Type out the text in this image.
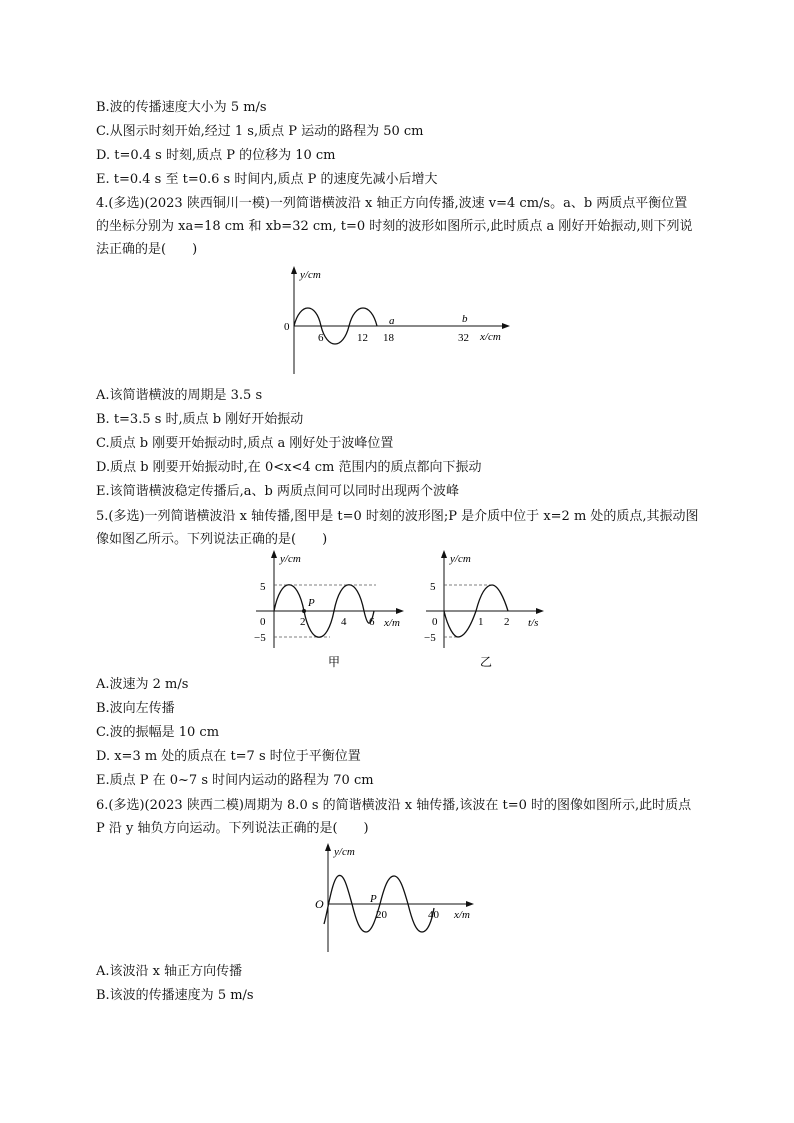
B.波的传播速度大小为 5 m/s
C.从图示时刻开始,经过 1 s,质点 P 运动的路程为 50 cm
D. t=0.4 s 时刻,质点 P 的位移为 10 cm
E. t=0.4 s 至 t=0.6 s 时间内,质点 P 的速度先减小后增大
4.(多选)(2023 陕西铜川一模)一列简谐横波沿 x 轴正方向传播,波速 v=4 cm/s。a、b 两质点平衡位置的坐标分别为 xa=18 cm 和 xb=32 cm, t=0 时刻的波形如图所示,此时质点 a 刚好开始振动,则下列说法正确的是(　　)
y/cm
0
6	12 18	32
a	b
x/cm
A.该简谐横波的周期是 3.5 s
B. t=3.5 s 时,质点 b 刚好开始振动
C.质点 b 刚要开始振动时,质点 a 刚好处于波峰位置
D.质点 b 刚要开始振动时,在 0<x<4 cm 范围内的质点都向下振动
E.该简谐横波稳定传播后,a、b 两质点间可以同时出现两个波峰
5.(多选)一列简谐横波沿 x 轴传播,图甲是 t=0 时刻的波形图;P 是介质中位于 x=2 m 处的质点,其振动图像如图乙所示。下列说法正确的是(　　)
y/cm
5
−5
0	2	4 6
P
x/m
甲
y/cm
5
−5
0	1 2 t/s
乙
A.波速为 2 m/s
B.波向左传播
C.波的振幅是 10 cm
D. x=3 m 处的质点在 t=7 s 时位于平衡位置
E.质点 P 在 0~7 s 时间内运动的路程为 70 cm
6.(多选)(2023 陕西二模)周期为 8.0 s 的简谐横波沿 x 轴传播,该波在 t=0 时的图像如图所示,此时质点 P 沿 y 轴负方向运动。下列说法正确的是(　　)
y/cm
O	P
20	40 x/m
A.该波沿 x 轴正方向传播
B.该波的传播速度为 5 m/s
